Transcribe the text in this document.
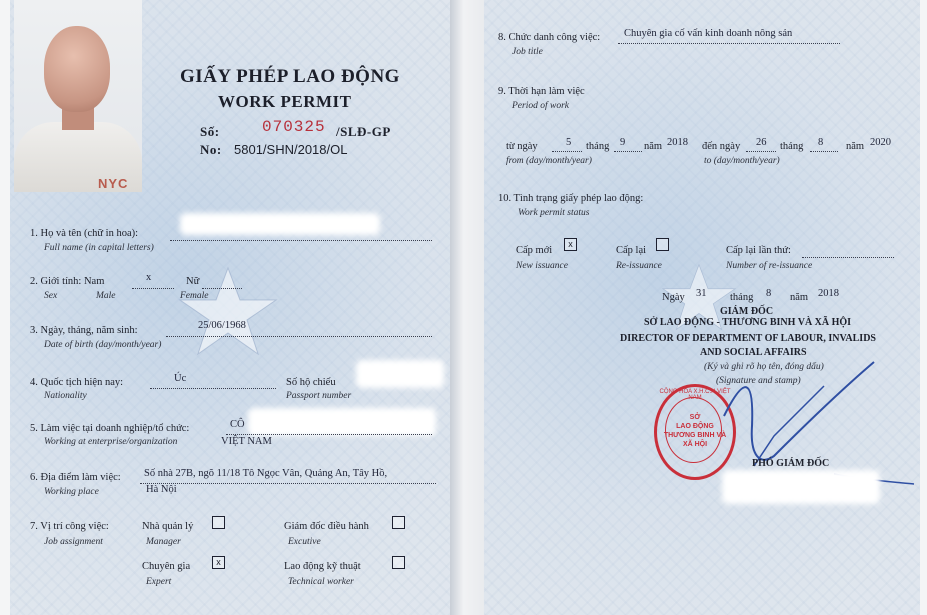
NYC
GIẤY PHÉP LAO ĐỘNG
WORK PERMIT
Số:	070325 /SLĐ-GP
No: 5801/SHN/2018/OL
1. Họ và tên (chữ in hoa):
Full name (in capital letters)
2. Giới tính: Nam	x	Nữ
Sex	Male	Female
3. Ngày, tháng, năm sinh:	25/06/1968
Date of birth (day/month/year)
4. Quốc tịch hiện nay:	Úc	Số hộ chiếu
Nationality	Passport number
5. Làm việc tại doanh nghiệp/tổ chức:	CÔ
Working at enterprise/organization	VIỆT NAM
6. Địa điểm làm việc: Số nhà 27B, ngõ 11/18 Tô Ngọc Vân, Quảng An, Tây Hồ,
Working place	Hà Nội
7. Vị trí công việc:
Job assignment
Nhà quản lý
Manager
Giám đốc điều hành
Excutive
Chuyên gia	x
Expert
Lao động kỹ thuật
Technical worker
8. Chức danh công việc: Chuyên gia cố vấn kinh doanh nông sản
Job title
9. Thời hạn làm việc
Period of work
từ ngày	5 tháng 9 năm 2018 đến ngày 26 tháng 8 năm 2020
from (day/month/year)	to (day/month/year)
10. Tình trạng giấy phép lao động:
Work permit status
Cấp mới
x
New issuance
Cấp lại
Re-issuance
Cấp lại lần thứ:
Number of re-issuance
Ngày 31 tháng 8 năm 2018
GIÁM ĐỐC
SỞ LAO ĐỘNG - THƯƠNG BINH VÀ XÃ HỘI
DIRECTOR OF DEPARTMENT OF LABOUR, INVALIDS
AND SOCIAL AFFAIRS
(Ký và ghi rõ họ tên, đóng dấu)
(Signature and stamp)
CỘNG HÒA X.H.C.N VIỆT NAM
SỞ
LAO ĐỘNG
THƯƠNG BINH VÀ
XÃ HỘI
PHÓ GIÁM ĐỐC
